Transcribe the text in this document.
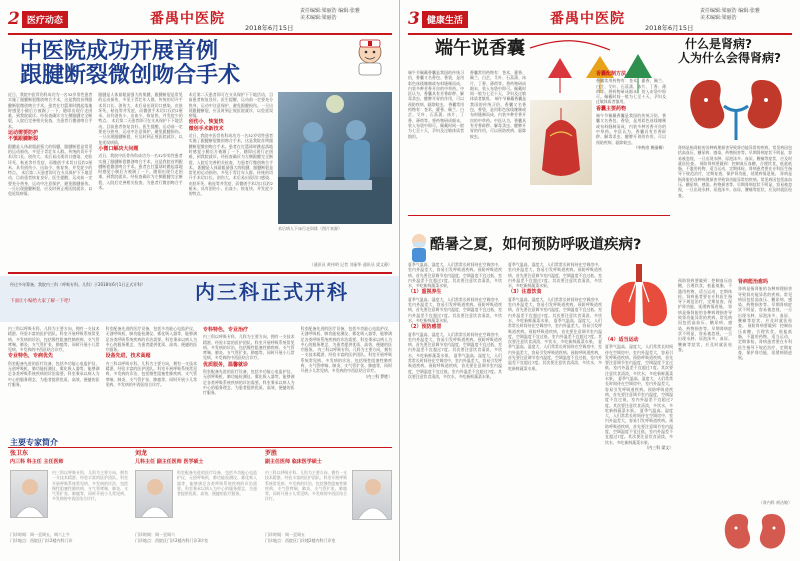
2 医疗动态	番禺中医院	责任编辑:梁丽浩 编辑:张雅
美术编辑:梁丽浩
2018年6月15日
中医院成功开展首例
跟腱断裂微创吻合手术
近日，我院中医骨伤科成功为一名32岁男性患者实施了跟腱断裂微创吻合手术，这是我院首例跟腱断裂微创吻合手术。患者在打篮球时跳起落地时感觉小腿后方被踢了一下，随即出现行走困难，到我院就诊。经检查确诊为左侧跟腱完全断裂，入院后完善相关检查，为患者行微创吻合手术。
运动需要防护
不慎跟腱断裂
跟腱是人体最粗最强大的肌腱，跟腱断裂是常见的运动损伤，多见于青壮年人群。传统的切开手术切口长、创伤大、术后易出现切口感染、皮肤坏死、粘连等并发症，而微创手术切口仅约2厘米，具有创伤小、出血少、恢复快、并发症少的特点。 术后第二天患者即可在支具保护下下地活动，目前患者恢复良好。医生提醒，运动前一定要充分热身，运动中注意保护，避免跟腱损伤。一旦出现跟腱断裂，应及时到正规医院就诊，以免延误病情。
跟腱是人体最粗最强大的肌腱，跟腱断裂是常见的运动损伤，多见于青壮年人群。传统的切开手术切口长、创伤大、术后易出现切口感染、皮肤坏死、粘连等并发症，而微创手术切口仅约2厘米，具有创伤小、出血少、恢复快、并发症少的特点。 术后第二天患者即可在支具保护下下地活动，目前患者恢复良好。医生提醒，运动前一定要充分热身，运动中注意保护，避免跟腱损伤。一旦出现跟腱断裂，应及时到正规医院就诊，以免延误病情。
小微口解决大问题
近日，我院中医骨伤科成功为一名32岁男性患者实施了跟腱断裂微创吻合手术，这是我院首例跟腱断裂微创吻合手术。患者在打篮球时跳起落地时感觉小腿后方被踢了一下，随即出现行走困难，到我院就诊。经检查确诊为左侧跟腱完全断裂，入院后完善相关检查，为患者行微创吻合手术。
术后第二天患者即可在支具保护下下地活动，目前患者恢复良好。医生提醒，运动前一定要充分热身，运动中注意保护，避免跟腱损伤。一旦出现跟腱断裂，应及时到正规医院就诊，以免延误病情。
创伤小，恢复快
微创手术新技术
近日，我院中医骨伤科成功为一名32岁男性患者实施了跟腱断裂微创吻合手术，这是我院首例跟腱断裂微创吻合手术。患者在打篮球时跳起落地时感觉小腿后方被踢了一下，随即出现行走困难，到我院就诊。经检查确诊为左侧跟腱完全断裂，入院后完善相关检查，为患者行微创吻合手术。 跟腱是人体最粗最强大的肌腱，跟腱断裂是常见的运动损伤，多见于青壮年人群。传统的切开手术切口长、创伤大、术后易出现切口感染、皮肤坏死、粘连等并发症，而微创手术切口仅约2厘米，具有创伤小、出血少、恢复快、并发症少的特点。
术后病人下床行走训练（图片来源）
（通讯员 黄伟明 记者 刘丽华 通讯员 梁文静）
经过多年筹备，我院内三科（呼吸专科、儿科）于2018年6月1日正式开科!
下面让小编给大家了解一下吧!	内三科正式开科
内三科以呼吸专科、儿科为主要方向，拥有一支技术精湛、经验丰富的医护团队。科室开展呼吸系统常见病、多发病的诊治，包括慢性阻塞性肺疾病、支气管哮喘、肺炎、支气管扩张、肺癌等，同时开展小儿常见病、多发病的中西医结合诊疗。
专业特色，专病优先
科室配备先进的医疗设备，包括多功能心电监护仪、无创呼吸机、肺功能检测仪、雾化吸入器等，能够满足各类呼吸系统疾病的诊治需要。科室秉承以病人为中心的服务理念，为患者提供优质、高效、便捷的医疗服务。
科室配备先进的医疗设备，包括多功能心电监护仪、无创呼吸机、肺功能检测仪、雾化吸入器等，能够满足各类呼吸系统疾病的诊治需要。科室秉承以病人为中心的服务理念，为患者提供优质、高效、便捷的医疗服务。
设备先进，技术高超
内三科以呼吸专科、儿科为主要方向，拥有一支技术精湛、经验丰富的医护团队。科室开展呼吸系统常见病、多发病的诊治，包括慢性阻塞性肺疾病、支气管哮喘、肺炎、支气管扩张、肺癌等，同时开展小儿常见病、多发病的中西医结合诊疗。
专科特色，专业治疗
内三科以呼吸专科、儿科为主要方向，拥有一支技术精湛、经验丰富的医护团队。科室开展呼吸系统常见病、多发病的诊治，包括慢性阻塞性肺疾病、支气管哮喘、肺炎、支气管扩张、肺癌等，同时开展小儿常见病、多发病的中西医结合诊疗。
优质服务，温馨就诊
科室配备先进的医疗设备，包括多功能心电监护仪、无创呼吸机、肺功能检测仪、雾化吸入器等，能够满足各类呼吸系统疾病的诊治需要。科室秉承以病人为中心的服务理念，为患者提供优质、高效、便捷的医疗服务。
科室配备先进的医疗设备，包括多功能心电监护仪、无创呼吸机、肺功能检测仪、雾化吸入器等，能够满足各类呼吸系统疾病的诊治需要。科室秉承以病人为中心的服务理念，为患者提供优质、高效、便捷的医疗服务。 内三科以呼吸专科、儿科为主要方向，拥有一支技术精湛、经验丰富的医护团队。科室开展呼吸系统常见病、多发病的诊治，包括慢性阻塞性肺疾病、支气管哮喘、肺炎、支气管扩张、肺癌等，同时开展小儿常见病、多发病的中西医结合诊疗。
（内三科 罗胜）
主要专家简介
张卫东
内三科 科主任 主任医师
内三科以呼吸专科、儿科为主要方向，拥有一支技术精湛、经验丰富的医护团队。科室开展呼吸系统常见病、多发病的诊治，包括慢性阻塞性肺疾病、支气管哮喘、肺炎、支气管扩张、肺癌等，同时开展小儿常见病、多发病的中西医结合诊疗。
刘龙
儿科主任 副主任医师 医学硕士
科室配备先进的医疗设备，包括多功能心电监护仪、无创呼吸机、肺功能检测仪、雾化吸入器等，能够满足各类呼吸系统疾病的诊治需要。科室秉承以病人为中心的服务理念，为患者提供优质、高效、便捷的医疗服务。
门诊时间：周一至周六
门诊地点：西院区门诊2楼内科门诊3诊室
罗胜
副主任医师 临床医学硕士
内三科以呼吸专科、儿科为主要方向，拥有一支技术精湛、经验丰富的医护团队。科室开展呼吸系统常见病、多发病的诊治，包括慢性阻塞性肺疾病、支气管哮喘、肺炎、支气管扩张、肺癌等，同时开展小儿常见病、多发病的中西医结合诊疗。
门诊时间：周一至周五
门诊地点：西院区门诊楼2楼内科门诊室
门诊时间：周一至周五，周六上午
门诊地点：西院区门诊2楼内科门诊
3 健康生活	番禺中医院	责任编辑:梁丽浩 编辑:张雅
美术编辑:梁丽浩
2018年6月15日
端午说香囊
端午节佩戴香囊是我国的传统习俗，香囊又名香包、香袋，是用彩色丝线缠制或布料缝制而成，内装多种芳香开窍的中草药。中医认为，香囊具有芳香辟秽、解毒杀虫、醒脾开胃的作用，可以预防疾病、驱除蚊虫。 香囊常用药物有：苍术、藿香、佩兰、白芷、艾叶、石菖蒲、冰片、丁香、薄荷等。将药物研成细末，装入布袋中即可。佩戴时间一般为七至十天，孕妇及过敏体质者慎用。
香囊常用药物有：苍术、藿香、佩兰、白芷、艾叶、石菖蒲、冰片、丁香、薄荷等。将药物研成细末，装入布袋中即可。佩戴时间一般为七至十天，孕妇及过敏体质者慎用。 端午节佩戴香囊是我国的传统习俗，香囊又名香包、香袋，是用彩色丝线缠制或布料缝制而成，内装多种芳香开窍的中草药。中医认为，香囊具有芳香辟秽、解毒杀虫、醒脾开胃的作用，可以预防疾病、驱除蚊虫。
香囊配制方法
香囊常用药物有：苍术、藿香、佩兰、白芷、艾叶、石菖蒲、冰片、丁香、薄荷等。将药物研成细末，装入布袋中即可。佩戴时间一般为七至十天，孕妇及过敏体质者慎用。
香囊主要药物
端午节佩戴香囊是我国的传统习俗，香囊又名香包、香袋，是用彩色丝线缠制或布料缝制而成，内装多种芳香开窍的中草药。中医认为，香囊具有芳香辟秽、解毒杀虫、醒脾开胃的作用，可以预防疾病、驱除蚊虫。
（中药房 黄丽梅）
什么是肾病?
人为什么会得肾病?
肾病是指肾脏的各种病理损害导致肾功能异常的疾病。常见病因包括高血压、糖尿病、感染、药物损害等。早期肾病症状不明显，容易被忽视，一旦出现水肿、尿泡沫多、血尿、腰痛等症状，应及时就医检查。 预防肾病要做到：控制血压血糖，合理饮食，低盐低脂，不滥用药物，适当运动，定期体检。肾病患者要在专科医生指导下规范治疗，定期复查，保护肾功能，延缓病情进展。 肾病是指肾脏的各种病理损害导致肾功能异常的疾病。常见病因包括高血压、糖尿病、感染、药物损害等。早期肾病症状不明显，容易被忽视，一旦出现水肿、尿泡沫多、血尿、腰痛等症状，应及时就医检查。
酷暑之夏，如何预防呼吸道疾病?
夏季气温高、湿度大，人们常常长时间待在空调房中，室内外温差大，容易引发呼吸道疾病。预防呼吸道疾病，首先要注意调节室内温度，空调温度不宜过低，室内外温差不宜超过7度。其次要注意饮食清淡，多饮水，多吃新鲜蔬菜水果。
（1）重视养生
夏季气温高、湿度大，人们常常长时间待在空调房中，室内外温差大，容易引发呼吸道疾病。预防呼吸道疾病，首先要注意调节室内温度，空调温度不宜过低，室内外温差不宜超过7度。其次要注意饮食清淡，多饮水，多吃新鲜蔬菜水果。
（2）预防感冒
夏季气温高、湿度大，人们常常长时间待在空调房中，室内外温差大，容易引发呼吸道疾病。预防呼吸道疾病，首先要注意调节室内温度，空调温度不宜过低，室内外温差不宜超过7度。其次要注意饮食清淡，多饮水，多吃新鲜蔬菜水果。 夏季气温高、湿度大，人们常常长时间待在空调房中，室内外温差大，容易引发呼吸道疾病。预防呼吸道疾病，首先要注意调节室内温度，空调温度不宜过低，室内外温差不宜超过7度。其次要注意饮食清淡，多饮水，多吃新鲜蔬菜水果。
夏季气温高、湿度大，人们常常长时间待在空调房中，室内外温差大，容易引发呼吸道疾病。预防呼吸道疾病，首先要注意调节室内温度，空调温度不宜过低，室内外温差不宜超过7度。其次要注意饮食清淡，多饮水，多吃新鲜蔬菜水果。
（3）注意饮食
夏季气温高、湿度大，人们常常长时间待在空调房中，室内外温差大，容易引发呼吸道疾病。预防呼吸道疾病，首先要注意调节室内温度，空调温度不宜过低，室内外温差不宜超过7度。其次要注意饮食清淡，多饮水，多吃新鲜蔬菜水果。 夏季气温高、湿度大，人们常常长时间待在空调房中，室内外温差大，容易引发呼吸道疾病。预防呼吸道疾病，首先要注意调节室内温度，空调温度不宜过低，室内外温差不宜超过7度。其次要注意饮食清淡，多饮水，多吃新鲜蔬菜水果。 夏季气温高、湿度大，人们常常长时间待在空调房中，室内外温差大，容易引发呼吸道疾病。预防呼吸道疾病，首先要注意调节室内温度，空调温度不宜过低，室内外温差不宜超过7度。其次要注意饮食清淡，多饮水，多吃新鲜蔬菜水果。
（4）适当运动
夏季气温高、湿度大，人们常常长时间待在空调房中，室内外温差大，容易引发呼吸道疾病。预防呼吸道疾病，首先要注意调节室内温度，空调温度不宜过低，室内外温差不宜超过7度。其次要注意饮食清淡，多饮水，多吃新鲜蔬菜水果。 夏季气温高、湿度大，人们常常长时间待在空调房中，室内外温差大，容易引发呼吸道疾病。预防呼吸道疾病，首先要注意调节室内温度，空调温度不宜过低，室内外温差不宜超过7度。其次要注意饮食清淡，多饮水，多吃新鲜蔬菜水果。 夏季气温高、湿度大，人们常常长时间待在空调房中，室内外温差大，容易引发呼吸道疾病。预防呼吸道疾病，首先要注意调节室内温度，空调温度不宜过低，室内外温差不宜超过7度。其次要注意饮食清淡，多饮水，多吃新鲜蔬菜水果。
（内三科 梁文）
预防肾病要做到：控制血压血糖，合理饮食，低盐低脂，不滥用药物，适当运动，定期体检。肾病患者要在专科医生指导下规范治疗，定期复查，保护肾功能，延缓病情进展。 肾病是指肾脏的各种病理损害导致肾功能异常的疾病。常见病因包括高血压、糖尿病、感染、药物损害等。早期肾病症状不明显，容易被忽视，一旦出现水肿、尿泡沫多、血尿、腰痛等症状，应及时就医检查。
肾病能治愈吗
肾病是指肾脏的各种病理损害导致肾功能异常的疾病。常见病因包括高血压、糖尿病、感染、药物损害等。早期肾病症状不明显，容易被忽视，一旦出现水肿、尿泡沫多、血尿、腰痛等症状，应及时就医检查。 预防肾病要做到：控制血压血糖，合理饮食，低盐低脂，不滥用药物，适当运动，定期体检。肾病患者要在专科医生指导下规范治疗，定期复查，保护肾功能，延缓病情进展。
（肾内科 黄洁敏）
